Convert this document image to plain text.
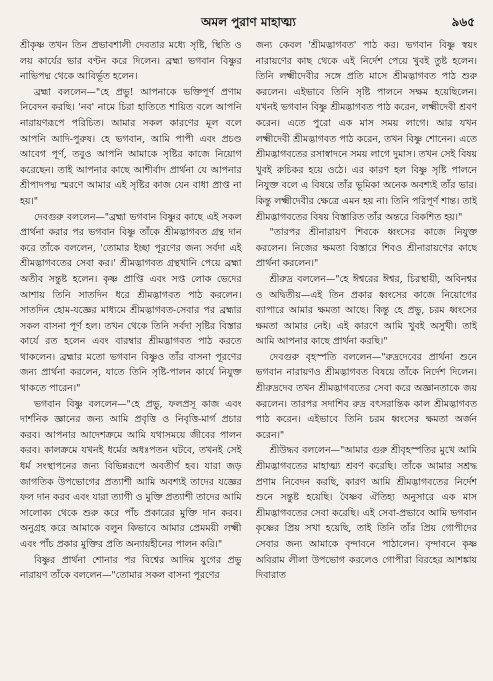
অমল পুরাণ মাহাত্ম্য	৯৬৫

শ্রীকৃষ্ণ তখন তিন প্রভাবশালী দেবতার মধ্যে সৃষ্টি, স্থিতি ও লয় কার্যের ভার বণ্টন করে দিলেন। ব্রহ্মা ভগবান বিষ্ণুর নাভিপদ্ম থেকে আবির্ভূত হলেন।

ব্রহ্মা বললেন—"হে প্রভু! আপনাকে ভক্তিপূর্ণ প্রণাম নিবেদন করছি। 'নব' নামে চিরা হাতিতে শায়িত বলে আপনি নারায়ণরূপে পরিচিত। আমার সকল কারণের মূল বলে আপনি আদি-পুরুষ। হে ভগবান, আমি পাপী এবং প্রচণ্ড আবেগ পূর্ণ, তবুও আপনি আমাকে সৃষ্টির কাজে নিয়োগ করেছেন। তাই আপনার কাছে আশীর্বাদ প্রার্থনা যে আপনার শ্রীপাদপদ্ম স্মরণে আমার এই সৃষ্টির কাজ যেন বাধা প্রাপ্ত না হয়।"

দেবগুরু বললেন—"ব্রহ্মা ভগবান বিষ্ণুর কাছে এই সকল প্রার্থনা করার পর ভগবান বিষ্ণু তাঁকে শ্রীমদ্ভাগবত গ্রন্থ দান করে তাঁকে বললেন, 'তোমার ইচ্ছা পূরণের জন্য সর্বদা এই শ্রীমদ্ভাগবতের সেবা কর।' শ্রীমদ্ভাগবত গ্রন্থখানি পেয়ে ব্রহ্মা অতীব সন্তুষ্ট হলেন। কৃষ্ণ প্রাপ্তি এবং সপ্ত লোক ভেদের আশায় তিনি সাতদিন ধরে শ্রীমদ্ভাগবত পাঠ করলেন। সাতদিন হোম-যজ্ঞের মাধ্যমে শ্রীমদ্ভাগবত-সেবার পর ব্রহ্মার সকল বাসনা পূর্ণ হল। তখন থেকে তিনি সর্বদা সৃষ্টির বিস্তার কার্যে রত হলেন এবং বারম্বার শ্রীমদ্ভাগবত পাঠ করতে থাকলেন। ব্রহ্মার মতো ভগবান বিষ্ণুও তাঁর বাসনা পূরণের জন্য প্রার্থনা করলেন, যাতে তিনি সৃষ্টি-পালন কার্যে নিযুক্ত থাকতে পারেন।"

ভগবান বিষ্ণু বললেন—"হে প্রভু, ফলপ্রসূ কাজ এবং দার্শনিক জ্ঞানের জন্য আমি প্রবৃত্তি ও নিবৃত্তি-মার্গ প্রচার করব। আপনার আদেশক্রমে আমি যথাসময়ে জীবের পালন করব। কালক্রমে যখনই ধর্মের অধঃপতন ঘটবে, তখনই সেই ধর্ম সংস্থাপনের জন্য বিভিন্নরূপে অবতীর্ণ হব। যারা জড় জাগতিক উপভোগের প্রত্যাশী আমি অবশ্যই তাদের যজ্ঞের ফল দান করব এবং যারা ত্যাগী ও মুক্তি প্রত্যাশী তাদের আমি সালোক্য থেকে শুরু করে পাঁচ প্রকারের মুক্তি দান করব। অনুগ্রহ করে আমাকে বলুন কিভাবে আমার প্রেমময়ী লক্ষ্মী এবং পাঁচ প্রকার মুক্তির প্রতি অন্যায়হীনের পালন করি।"

বিষ্ণুর প্রার্থনা শোনার পর বিশ্বের আদিম যুগের প্রভু নারায়ণ তাঁকে বললেন—"তোমার সকল বাসনা পূরণের

জন্য কেবল 'শ্রীমদ্ভাগবত' পাঠ কর। ভগবান বিষ্ণু স্বয়ং নারায়ণের কাছ থেকে এই নির্দেশ পেয়ে খুবই তুষ্ট হলেন। তিনি লক্ষ্মীদেবীর সঙ্গে প্রতি মাসে শ্রীমদ্ভাগবত পাঠ শুরু করলেন। এইভাবে তিনি সৃষ্টি পালনে সক্ষম হয়েছিলেন। যখনই ভগবান বিষ্ণু শ্রীমদ্ভাগবত পাঠ করেন, লক্ষ্মীদেবী শ্রবণ করেন। এতে পুরো এক মাস সময় লাগে। আর যখন লক্ষ্মীদেবী শ্রীমদ্ভাগবত পাঠ করেন, তখন বিষ্ণু শোনেন। এতে শ্রীমদ্ভাগবতের রসাস্বাদনে সময় লাগে দুমাস। তখন সেই বিষয় খুবই রুচিকর হয়ে ওঠে। এর কারণ হল বিষ্ণু সৃষ্টি পালনে নিযুক্ত বলে এ বিষয়ে তাঁর ভূমিকা অনেক অবশ্যই তাঁর ভার। কিন্তু লক্ষ্মীদেবীর ক্ষেত্রে এমন হয় না। তিনি পরিপূর্ণ শান্ত। তাই শ্রীমদ্ভাগবতের বিষয় বিস্তারিত তাঁর অন্তরে বিকশিত হয়।"

"তারপর শ্রীনারায়ণ শিবকে ধ্বংসের কাজে নিযুক্ত করলেন। নিজের ক্ষমতা বিস্তারে শিবও শ্রীনারায়ণের কাছে প্রার্থনা করলেন।"

শ্রীরুদ্র বললেন—"হে ঈশ্বরের ঈশ্বর, চিরস্থায়ী, অবিনশ্বর ও অদ্বিতীয়—এই তিন প্রকার ধ্বংসের কাজে নিয়োগের ব্যাপারে আমার ক্ষমতা আছে। কিন্তু হে প্রভু, চরম ধ্বংসের ক্ষমতা আমার নেই। এই কারণে আমি খুবই অসুখী। তাই আমি আপনার কাছে প্রার্থনা করছি।"

দেবগুরু বৃহস্পতি বললেন—"রুদ্রদেবের প্রার্থনা শুনে ভগবান নারায়ণও শ্রীমদ্ভাগবত বিষয়ে তাঁকে নির্দেশ দিলেন। শ্রীরুদ্রদেব তখন শ্রীমদ্ভাগবতের সেবা করে অজ্ঞানতাকে জয় করলেন। তারপর সদাশিব রুদ্র বৎসরান্তিক কাল শ্রীমদ্ভাগবত পাঠ করেন। এইভাবে তিনি চরম ধ্বংসের ক্ষমতা অর্জন করেন।"

শ্রীউদ্ধব বললেন—"আমার গুরু শ্রীবৃহস্পতির মুখে আমি শ্রীমদ্ভাগবতের মাহাত্ম্য শ্রবণ করেছি। তাঁকে আমার সশ্রদ্ধ প্রণাম নিবেদন করছি, কারণ আমি শ্রীমদ্ভাগবতের নির্দেশ শুনে সন্তুষ্ট হয়েছি। বৈষ্ণব ঐতিহ্য অনুসারে এক মাস শ্রীমদ্ভাগবতের সেবা করেছি। এই সেবা-প্রভাবে আমি ভগবান কৃষ্ণের প্রিয় সখা হয়েছি, তাই তিনি তাঁর প্রিয় গোপীদের সেবার জন্য আমাকে বৃন্দাবনে পাঠালেন। বৃন্দাবনে কৃষ্ণ অবিরাম লীলা উপভোগ করলেও গোপীরা বিরহের আশঙ্কায় দিবারাত
